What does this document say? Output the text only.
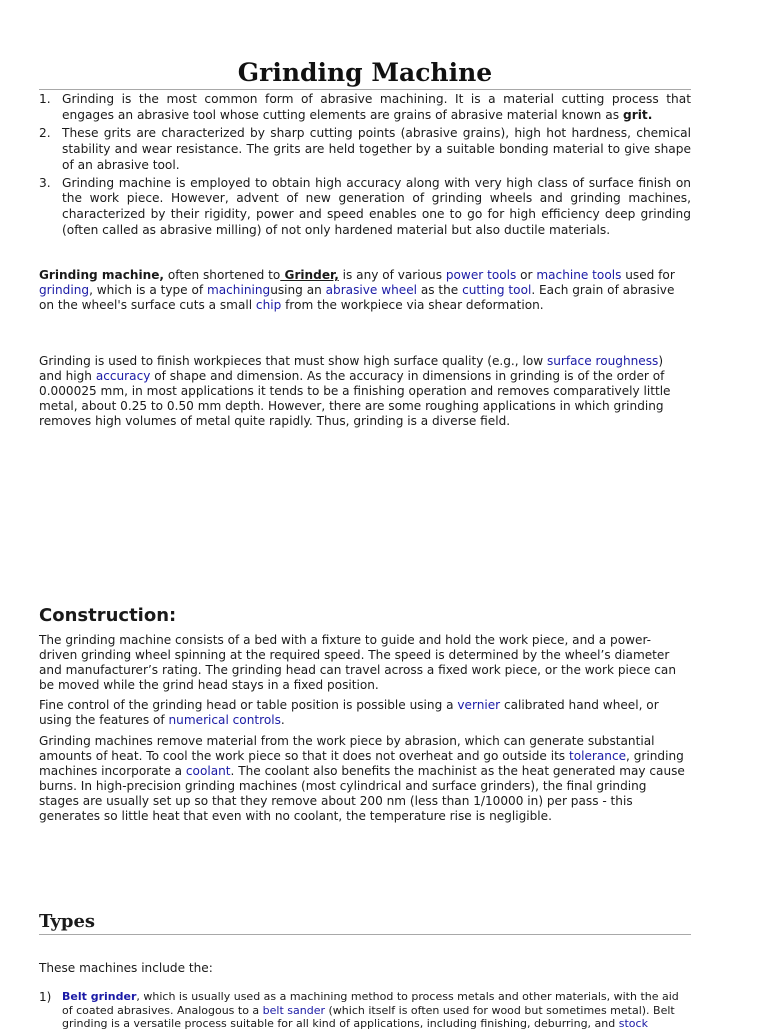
Grinding Machine
1. Grinding is the most common form of abrasive machining. It is a material cutting process that engages an abrasive tool whose cutting elements are grains of abrasive material known as grit.
2. These grits are characterized by sharp cutting points (abrasive grains), high hot hardness, chemical stability and wear resistance. The grits are held together by a suitable bonding material to give shape of an abrasive tool.
3. Grinding machine is employed to obtain high accuracy along with very high class of surface finish on the work piece. However, advent of new generation of grinding wheels and grinding machines, characterized by their rigidity, power and speed enables one to go for high efficiency deep grinding (often called as abrasive milling) of not only hardened material but also ductile materials.
Grinding machine, often shortened to Grinder, is any of various power tools or machine tools used for grinding, which is a type of machiningusing an abrasive wheel as the cutting tool. Each grain of abrasive on the wheel's surface cuts a small chip from the workpiece via shear deformation.
Grinding is used to finish workpieces that must show high surface quality (e.g., low surface roughness) and high accuracy of shape and dimension. As the accuracy in dimensions in grinding is of the order of 0.000025 mm, in most applications it tends to be a finishing operation and removes comparatively little metal, about 0.25 to 0.50 mm depth. However, there are some roughing applications in which grinding removes high volumes of metal quite rapidly. Thus, grinding is a diverse field.
Construction:
The grinding machine consists of a bed with a fixture to guide and hold the work piece, and a power-driven grinding wheel spinning at the required speed. The speed is determined by the wheel’s diameter and manufacturer’s rating. The grinding head can travel across a fixed work piece, or the work piece can be moved while the grind head stays in a fixed position.
Fine control of the grinding head or table position is possible using a vernier calibrated hand wheel, or using the features of numerical controls.
Grinding machines remove material from the work piece by abrasion, which can generate substantial amounts of heat. To cool the work piece so that it does not overheat and go outside its tolerance, grinding machines incorporate a coolant. The coolant also benefits the machinist as the heat generated may cause burns. In high-precision grinding machines (most cylindrical and surface grinders), the final grinding stages are usually set up so that they remove about 200 nm (less than 1/10000 in) per pass - this generates so little heat that even with no coolant, the temperature rise is negligible.
Types
These machines include the:
1) Belt grinder, which is usually used as a machining method to process metals and other materials, with the aid of coated abrasives. Analogous to a belt sander (which itself is often used for wood but sometimes metal). Belt grinding is a versatile process suitable for all kind of applications, including finishing, deburring, and stock
